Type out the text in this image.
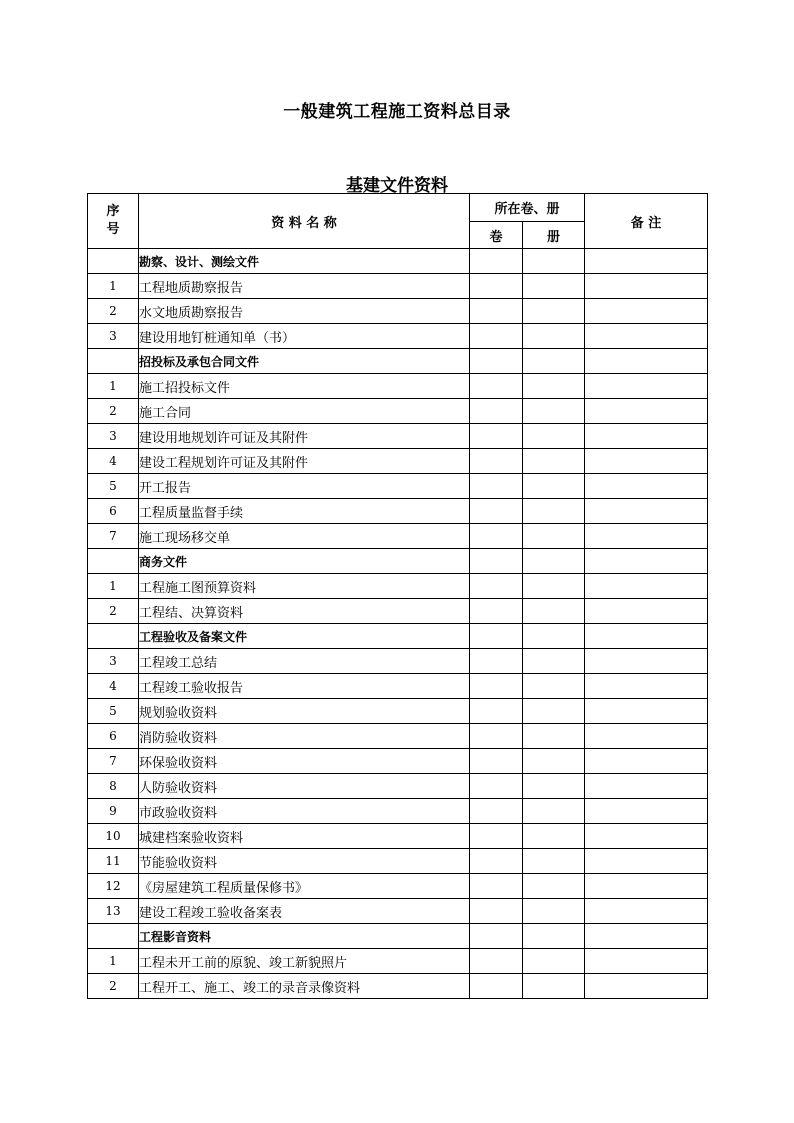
一般建筑工程施工资料总目录
基建文件资料
序
号	资 料 名 称	所在卷、册		备 注
		卷	册	
	勘察、设计、测绘文件			
1	工程地质勘察报告			
2	水文地质勘察报告			
3	建设用地钉桩通知单（书）			
	招投标及承包合同文件			
1	施工招投标文件			
2	施工合同			
3	建设用地规划许可证及其附件			
4	建设工程规划许可证及其附件			
5	开工报告			
6	工程质量监督手续			
7	施工现场移交单			
	商务文件			
1	工程施工图预算资料			
2	工程结、决算资料			
	工程验收及备案文件			
3	工程竣工总结			
4	工程竣工验收报告			
5	规划验收资料			
6	消防验收资料			
7	环保验收资料			
8	人防验收资料			
9	市政验收资料			
10	城建档案验收资料			
11	节能验收资料			
12	《房屋建筑工程质量保修书》			
13	建设工程竣工验收备案表			
	工程影音资料			
1	工程未开工前的原貌、竣工新貌照片			
2	工程开工、施工、竣工的录音录像资料			
